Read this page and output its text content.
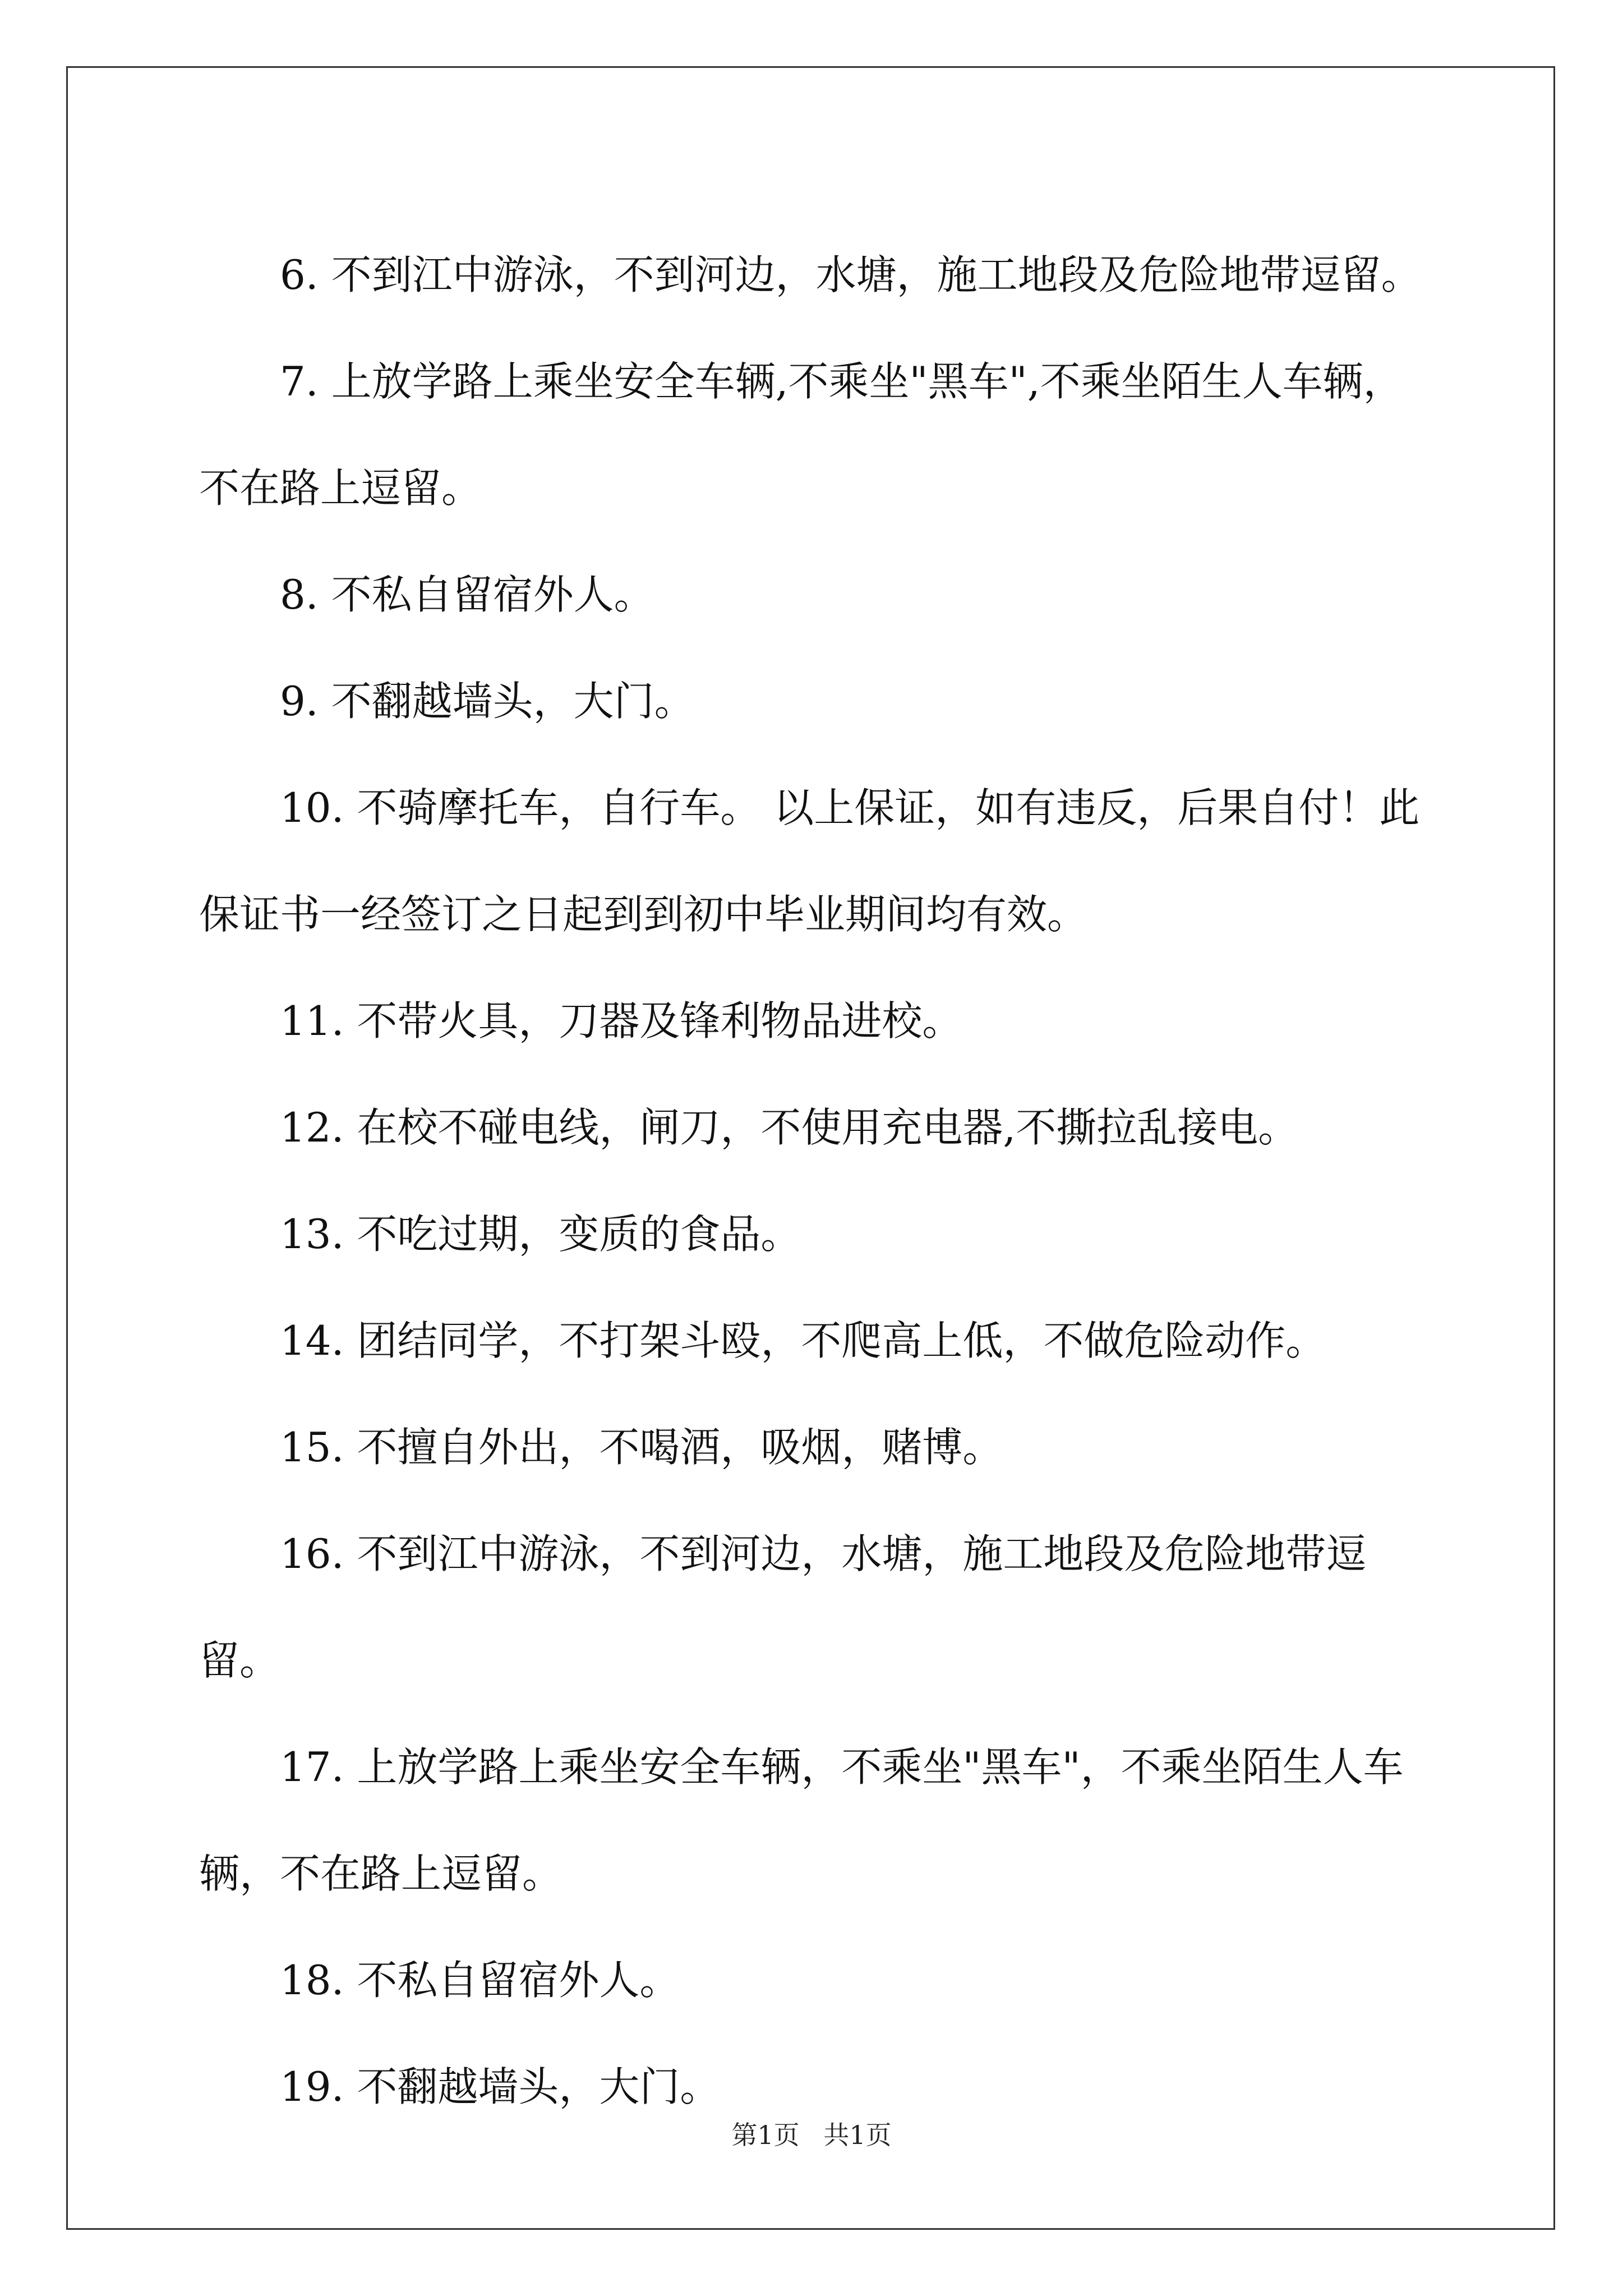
6. 不到江中游泳，不到河边，水塘，施工地段及危险地带逗留。

7. 上放学路上乘坐安全车辆,不乘坐"黑车",不乘坐陌生人车辆，不在路上逗留。

8. 不私自留宿外人。

9. 不翻越墙头，大门。

10. 不骑摩托车，自行车。 以上保证，如有违反，后果自付！此保证书一经签订之日起到到初中毕业期间均有效。

11. 不带火具，刀器及锋利物品进校。

12. 在校不碰电线，闸刀，不使用充电器,不撕拉乱接电。

13. 不吃过期，变质的食品。

14. 团结同学，不打架斗殴，不爬高上低，不做危险动作。

15. 不擅自外出，不喝酒，吸烟，赌博。

16. 不到江中游泳，不到河边，水塘，施工地段及危险地带逗留。

17. 上放学路上乘坐安全车辆，不乘坐"黑车"，不乘坐陌生人车辆，不在路上逗留。

18. 不私自留宿外人。

19. 不翻越墙头，大门。

第1页 共1页
